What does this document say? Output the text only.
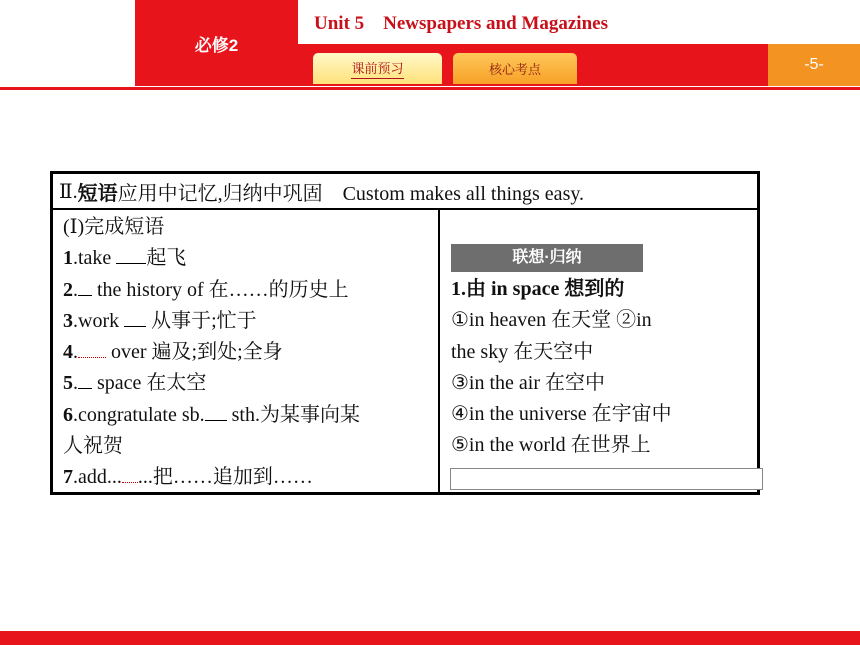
必修2
Unit 5    Newspapers and Magazines
课前预习	核心考点	-5-
Ⅱ. 短语 应用中记忆,归纳中巩固    Custom makes all things easy.
(Ⅰ)完成短语
1.take 起飞
2. the history of 在……的历史上
3.work  从事于;忙于
4. over 遍及;到处;全身
5. space 在太空
6.congratulate sb. sth.为某事向某
人祝贺
7.add... ...把……追加到……
联想·归纳
1.由 in space 想到的
①in heaven 在天堂 ②in
the sky 在天空中
③in the air 在空中
④in the universe 在宇宙中
⑤in the world 在世界上
